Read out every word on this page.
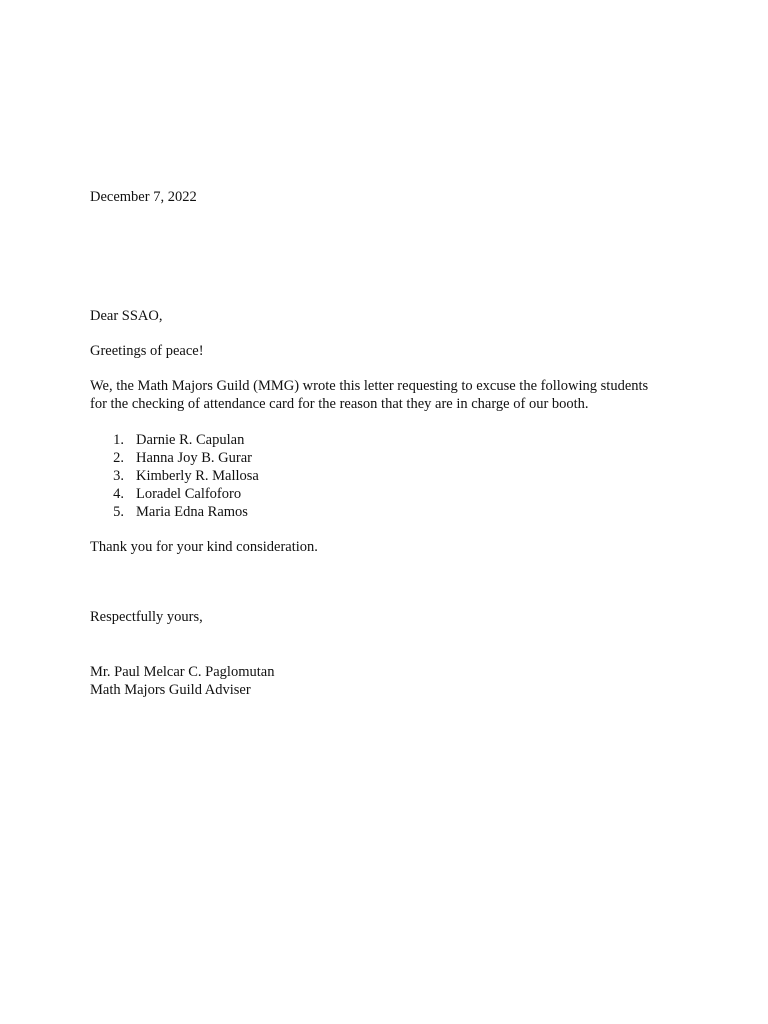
December 7, 2022
Dear SSAO,
Greetings of peace!
We, the Math Majors Guild (MMG) wrote this letter requesting to excuse the following students
for the checking of attendance card for the reason that they are in charge of our booth.
1. Darnie R. Capulan
2. Hanna Joy B. Gurar
3. Kimberly R. Mallosa
4. Loradel Calfoforo
5. Maria Edna Ramos
Thank you for your kind consideration.
Respectfully yours,
Mr. Paul Melcar C. Paglomutan
Math Majors Guild Adviser
